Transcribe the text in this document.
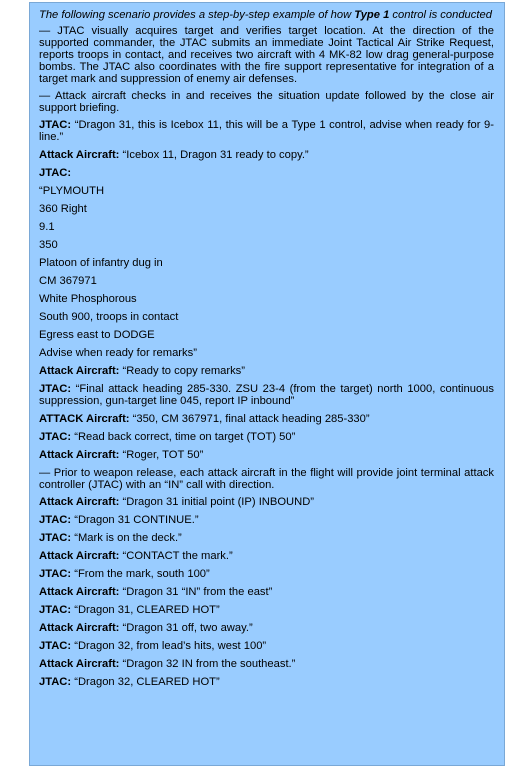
The following scenario provides a step-by-step example of how Type 1 control is conducted
— JTAC visually acquires target and verifies target location. At the direction of the supported commander, the JTAC submits an immediate Joint Tactical Air Strike Request, reports troops in contact, and receives two aircraft with 4 MK-82 low drag general-purpose bombs. The JTAC also coordinates with the fire support representative for integration of a target mark and suppression of enemy air defenses.
— Attack aircraft checks in and receives the situation update followed by the close air support briefing.
JTAC: “Dragon 31, this is Icebox 11, this will be a Type 1 control, advise when ready for 9-line.”
Attack Aircraft: “Icebox 11, Dragon 31 ready to copy.”
JTAC:
“PLYMOUTH
360 Right
9.1
350
Platoon of infantry dug in
CM 367971
White Phosphorous
South 900, troops in contact
Egress east to DODGE
Advise when ready for remarks”
Attack Aircraft: “Ready to copy remarks”
JTAC: “Final attack heading 285-330. ZSU 23-4 (from the target) north 1000, continuous suppression, gun-target line 045, report IP inbound”
ATTACK Aircraft: “350, CM 367971, final attack heading 285-330”
JTAC: “Read back correct, time on target (TOT) 50”
Attack Aircraft: “Roger, TOT 50”
— Prior to weapon release, each attack aircraft in the flight will provide joint terminal attack controller (JTAC) with an “IN” call with direction.
Attack Aircraft: “Dragon 31 initial point (IP) INBOUND”
JTAC: “Dragon 31 CONTINUE.”
JTAC: “Mark is on the deck.”
Attack Aircraft: “CONTACT the mark.”
JTAC: “From the mark, south 100”
Attack Aircraft: “Dragon 31 “IN” from the east”
JTAC: “Dragon 31, CLEARED HOT”
Attack Aircraft: “Dragon 31 off, two away.”
JTAC: “Dragon 32, from lead’s hits, west 100”
Attack Aircraft: “Dragon 32 IN from the southeast.”
JTAC: “Dragon 32, CLEARED HOT”
